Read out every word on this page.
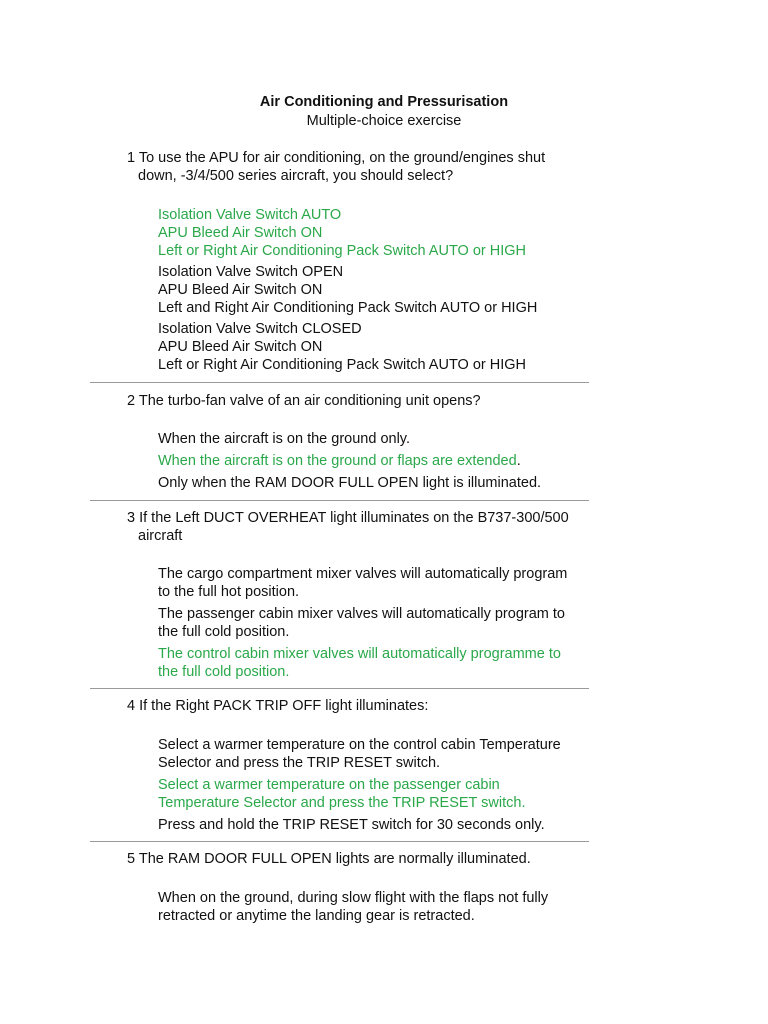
Air Conditioning and Pressurisation
Multiple-choice exercise
1 To use the APU for air conditioning, on the ground/engines shut
down, -3/4/500 series aircraft, you should select?
Isolation Valve Switch AUTO
APU Bleed Air Switch ON
Left or Right Air Conditioning Pack Switch AUTO or HIGH
Isolation Valve Switch OPEN
APU Bleed Air Switch ON
Left and Right Air Conditioning Pack Switch AUTO or HIGH
Isolation Valve Switch CLOSED
APU Bleed Air Switch ON
Left or Right Air Conditioning Pack Switch AUTO or HIGH
2 The turbo-fan valve of an air conditioning unit opens?
When the aircraft is on the ground only.
When the aircraft is on the ground or flaps are extended.
Only when the RAM DOOR FULL OPEN light is illuminated.
3 If the Left DUCT OVERHEAT light illuminates on the B737-300/500
aircraft
The cargo compartment mixer valves will automatically program
to the full hot position.
The passenger cabin mixer valves will automatically program to
the full cold position.
The control cabin mixer valves will automatically programme to
the full cold position.
4 If the Right PACK TRIP OFF light illuminates:
Select a warmer temperature on the control cabin Temperature
Selector and press the TRIP RESET switch.
Select a warmer temperature on the passenger cabin
Temperature Selector and press the TRIP RESET switch.
Press and hold the TRIP RESET switch for 30 seconds only.
5 The RAM DOOR FULL OPEN lights are normally illuminated.
When on the ground, during slow flight with the flaps not fully
retracted or anytime the landing gear is retracted.
